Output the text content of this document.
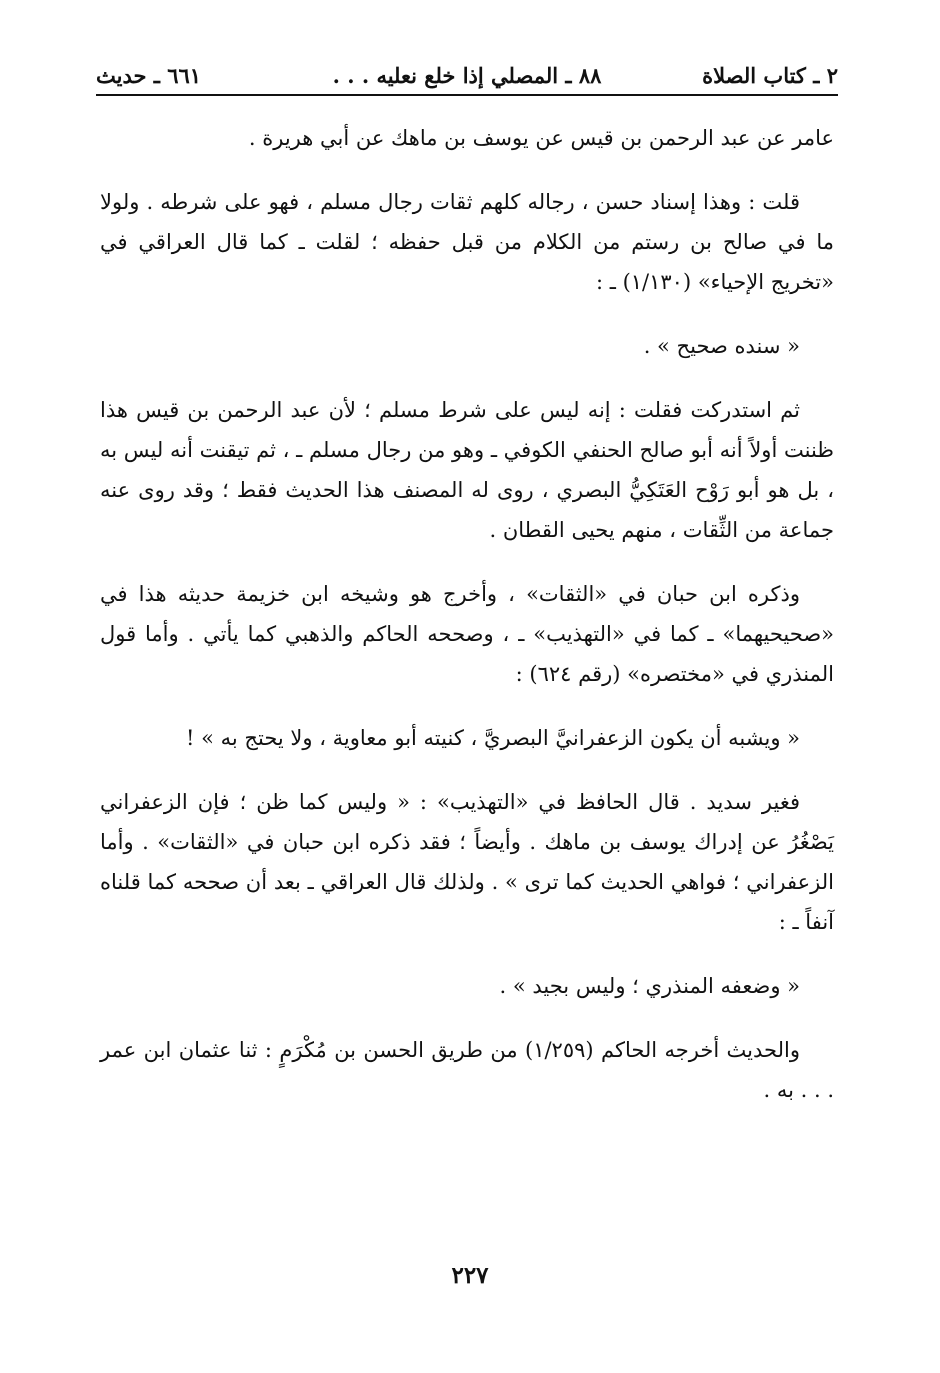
٢ ـ كتاب الصلاة
٨٨ ـ المصلي إذا خلع نعليه . . .
٦٦١ ـ حديث

عامر عن عبد الرحمن بن قيس عن يوسف بن ماهك عن أبي هريرة .

قلت : وهذا إسناد حسن ، رجاله كلهم ثقات رجال مسلم ، فهو على شرطه . ولولا ما في صالح بن رستم من الكلام من قبل حفظه ؛ لقلت ـ كما قال العراقي في «تخريج الإحياء» (١/١٣٠) ـ :

« سنده صحيح » .

ثم استدركت فقلت : إنه ليس على شرط مسلم ؛ لأن عبد الرحمن بن قيس هذا ظننت أولاً أنه أبو صالح الحنفي الكوفي ـ وهو من رجال مسلم ـ ، ثم تيقنت أنه ليس به ، بل هو أبو رَوْح العَتَكِيُّ البصري ، روى له المصنف هذا الحديث فقط ؛ وقد روى عنه جماعة من الثِّقات ، منهم يحيى القطان .

وذكره ابن حبان في «الثقات» ، وأخرج هو وشيخه ابن خزيمة حديثه هذا في «صحيحيهما» ـ كما في «التهذيب» ـ ، وصححه الحاكم والذهبي كما يأتي . وأما قول المنذري في «مختصره» (رقم ٦٢٤) :

« ويشبه أن يكون الزعفرانيَّ البصريَّ ، كنيته أبو معاوية ، ولا يحتج به » !

فغير سديد . قال الحافظ في «التهذيب» : « وليس كما ظن ؛ فإن الزعفراني يَصْغُرُ عن إدراك يوسف بن ماهك . وأيضاً ؛ فقد ذكره ابن حبان في «الثقات» . وأما الزعفراني ؛ فواهي الحديث كما ترى » . ولذلك قال العراقي ـ بعد أن صححه كما قلناه آنفاً ـ :

« وضعفه المنذري ؛ وليس بجيد » .

والحديث أخرجه الحاكم (١/٢٥٩) من طريق الحسن بن مُكْرَمٍ : ثنا عثمان ابن عمر . . . به .

٢٢٧
